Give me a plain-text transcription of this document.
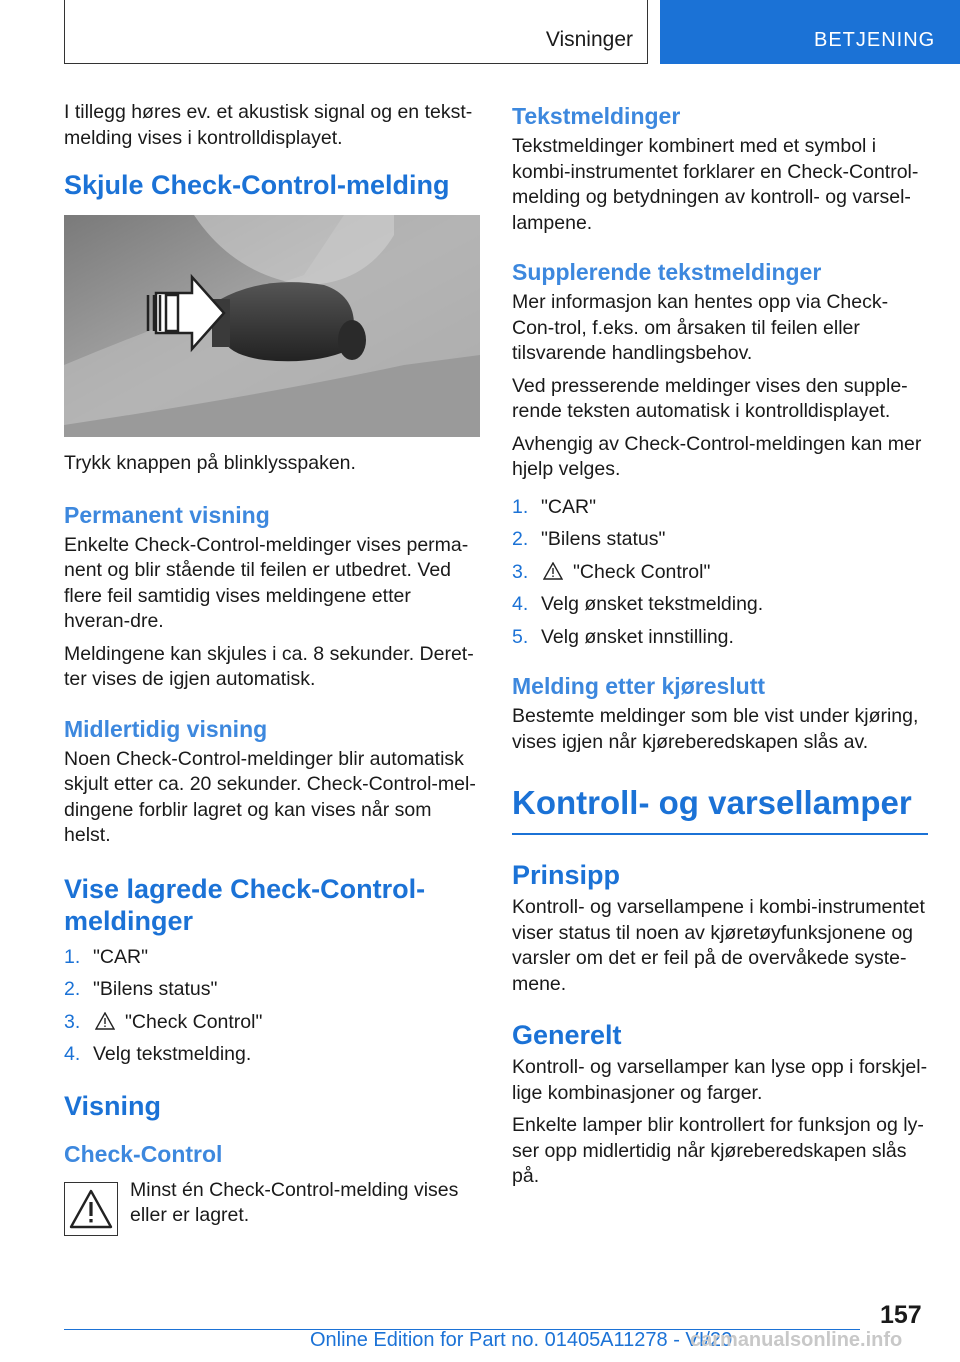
Visninger	BETJENING

I tillegg høres ev. et akustisk signal og en tekst-melding vises i kontrolldisplayet.

Skjule Check-Control-melding

Trykk knappen på blinklysspaken.

Permanent visning

Enkelte Check-Control-meldinger vises perma-nent og blir stående til feilen er utbedret. Ved flere feil samtidig vises meldingene etter hveran-dre.

Meldingene kan skjules i ca. 8 sekunder. Deret-ter vises de igjen automatisk.

Midlertidig visning

Noen Check-Control-meldinger blir automatisk skjult etter ca. 20 sekunder. Check-Control-mel-dingene forblir lagret og kan vises når som helst.

Vise lagrede Check-Control-meldinger
1. "CAR"
2. "Bilens status"
3. "Check Control"
4. Velg tekstmelding.
Visning
Check-Control

Minst én Check-Control-melding vises eller er lagret.

Tekstmeldinger

Tekstmeldinger kombinert med et symbol i kombi-instrumentet forklarer en Check-Control-melding og betydningen av kontroll- og varsel-lampene.

Supplerende tekstmeldinger

Mer informasjon kan hentes opp via Check-Con-trol, f.eks. om årsaken til feilen eller tilsvarende handlingsbehov.

Ved presserende meldinger vises den supple-rende teksten automatisk i kontrolldisplayet.

Avhengig av Check-Control-meldingen kan mer hjelp velges.

1. "CAR"
2. "Bilens status"
3. "Check Control"
4. Velg ønsket tekstmelding.
5. Velg ønsket innstilling.
Melding etter kjøreslutt

Bestemte meldinger som ble vist under kjøring, vises igjen når kjøreberedskapen slås av.

Kontroll- og varsellamper
Prinsipp

Kontroll- og varsellampene i kombi-instrumentet viser status til noen av kjøretøyfunksjonene og varsler om det er feil på de overvåkede syste-mene.

Generelt

Kontroll- og varsellamper kan lyse opp i forskjel-lige kombinasjoner og farger.

Enkelte lamper blir kontrollert for funksjon og ly-ser opp midlertidig når kjøreberedskapen slås på.

157
Online Edition for Part no. 01405A11278 - VI/20
carmanualsonline.info
